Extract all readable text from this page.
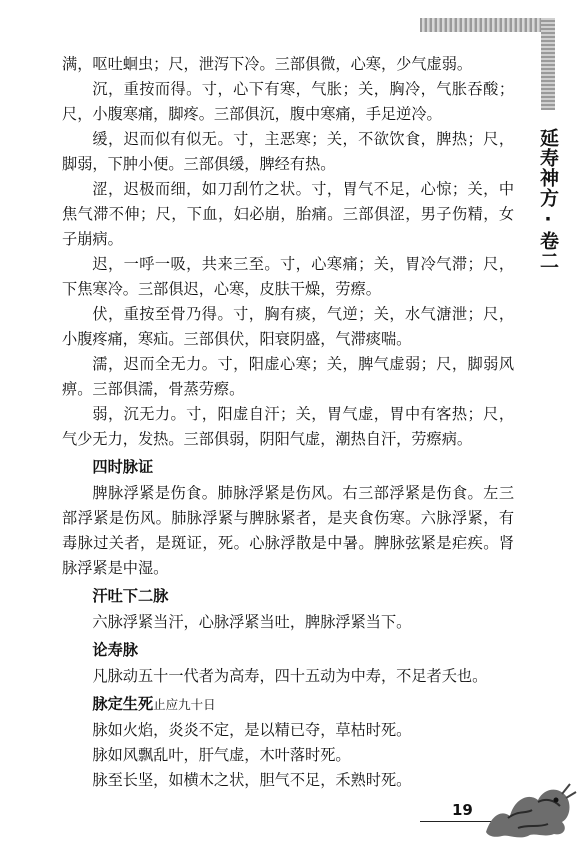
延寿神方·卷二

满，呕吐蛔虫；尺，泄泻下冷。三部俱微，心寒，少气虚弱。

沉，重按而得。寸，心下有寒，气胀；关，胸冷，气胀吞酸；尺，小腹寒痛，脚疼。三部俱沉，腹中寒痛，手足逆冷。

缓，迟而似有似无。寸，主恶寒；关，不欲饮食，脾热；尺，脚弱，下肿小便。三部俱缓，脾经有热。

涩，迟极而细，如刀刮竹之状。寸，胃气不足，心惊；关，中焦气滞不伸；尺，下血，妇必崩，胎痛。三部俱涩，男子伤精，女子崩病。

迟，一呼一吸，共来三至。寸，心寒痛；关，胃冷气滞；尺，下焦寒冷。三部俱迟，心寒，皮肤干燥，劳瘵。

伏，重按至骨乃得。寸，胸有痰，气逆；关，水气溏泄；尺，小腹疼痛，寒疝。三部俱伏，阳衰阴盛，气滞痰喘。

濡，迟而全无力。寸，阳虚心寒；关，脾气虚弱；尺，脚弱风痹。三部俱濡，骨蒸劳瘵。

弱，沉无力。寸，阳虚自汗；关，胃气虚，胃中有客热；尺，气少无力，发热。三部俱弱，阴阳气虚，潮热自汗，劳瘵病。

四时脉证

脾脉浮紧是伤食。肺脉浮紧是伤风。右三部浮紧是伤食。左三部浮紧是伤风。肺脉浮紧与脾脉紧者，是夹食伤寒。六脉浮紧，有毒脉过关者，是斑证，死。心脉浮散是中暑。脾脉弦紧是疟疾。肾脉浮紧是中湿。

汗吐下二脉

六脉浮紧当汗，心脉浮紧当吐，脾脉浮紧当下。

论寿脉

凡脉动五十一代者为高寿，四十五动为中寿，不足者夭也。

脉定生死止应九十日

脉如火焰，炎炎不定，是以精已夺，草枯时死。

脉如风飘乱叶，肝气虚，木叶落时死。

脉至长坚，如横木之状，胆气不足，禾熟时死。

19
